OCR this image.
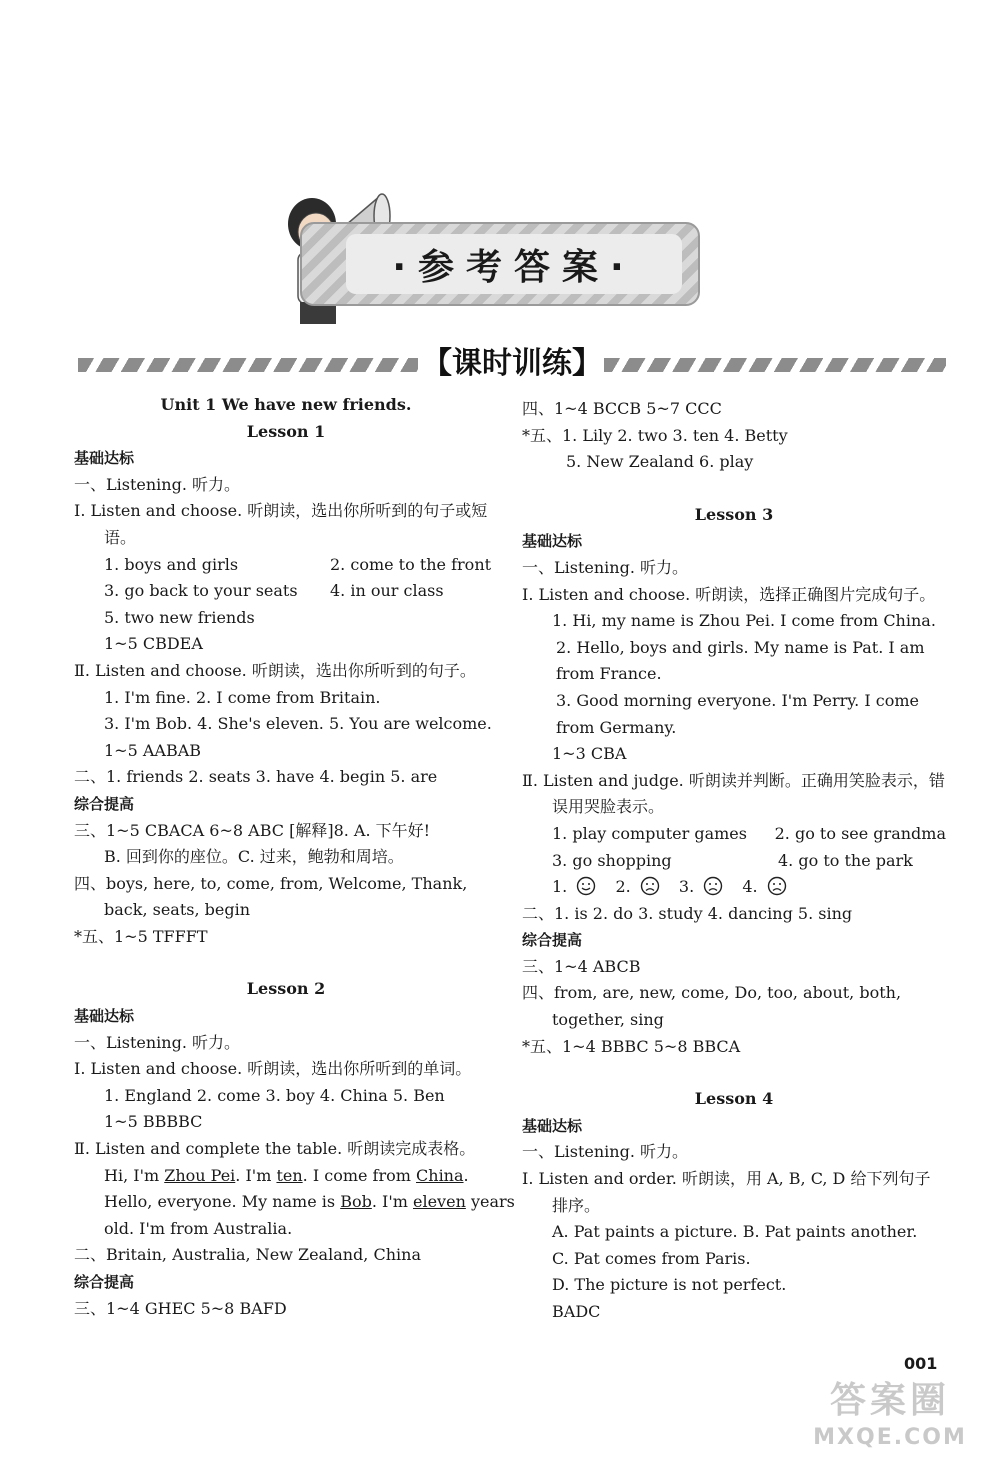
·参考答案·
【课时训练】
Unit 1 We have new friends.
Lesson 1
基础达标
一、Listening. 听力。
Ⅰ. Listen and choose. 听朗读，选出你所听到的句子或短语。
1. boys and girls	2. come to the front
3. go back to your seats	4. in our class
5. two new friends
1~5 CBDEA
Ⅱ. Listen and choose. 听朗读，选出你所听到的句子。
1. I'm fine. 2. I come from Britain.
3. I'm Bob. 4. She's eleven. 5. You are welcome.
1~5 AABAB
二、1. friends 2. seats 3. have 4. begin 5. are
综合提高
三、1~5 CBACA 6~8 ABC [解释]8. A. 下午好!
B. 回到你的座位。C. 过来，鲍勃和周培。
四、boys, here, to, come, from, Welcome, Thank, back, seats, begin
*五、1~5 TFFFT
Lesson 2
基础达标
一、Listening. 听力。
Ⅰ. Listen and choose. 听朗读，选出你所听到的单词。
1. England 2. come 3. boy 4. China 5. Ben
1~5 BBBBC
Ⅱ. Listen and complete the table. 听朗读完成表格。
Hi, I'm Zhou Pei. I'm ten. I come from China.
Hello, everyone. My name is Bob. I'm eleven years
old. I'm from Australia.
二、Britain, Australia, New Zealand, China
综合提高
三、1~4 GHEC 5~8 BAFD
四、1~4 BCCB 5~7 CCC
*五、1. Lily 2. two 3. ten 4. Betty
5. New Zealand 6. play
Lesson 3
基础达标
一、Listening. 听力。
Ⅰ. Listen and choose. 听朗读，选择正确图片完成句子。
1. Hi, my name is Zhou Pei. I come from China.
2. Hello, boys and girls. My name is Pat. I am from France.
3. Good morning everyone. I'm Perry. I come from Germany.
1~3 CBA
Ⅱ. Listen and judge. 听朗读并判断。正确用笑脸表示，错误用哭脸表示。
1. play computer games	2. go to see grandma
3. go shopping	4. go to the park
1.	2.	3.	4.
二、1. is 2. do 3. study 4. dancing 5. sing
综合提高
三、1~4 ABCB
四、from, are, new, come, Do, too, about, both, together, sing
*五、1~4 BBBC 5~8 BBCA
Lesson 4
基础达标
一、Listening. 听力。
Ⅰ. Listen and order. 听朗读，用 A, B, C, D 给下列句子排序。
A. Pat paints a picture. B. Pat paints another.
C. Pat comes from Paris.
D. The picture is not perfect.
BADC
001
答案圈
MXQE.COM
